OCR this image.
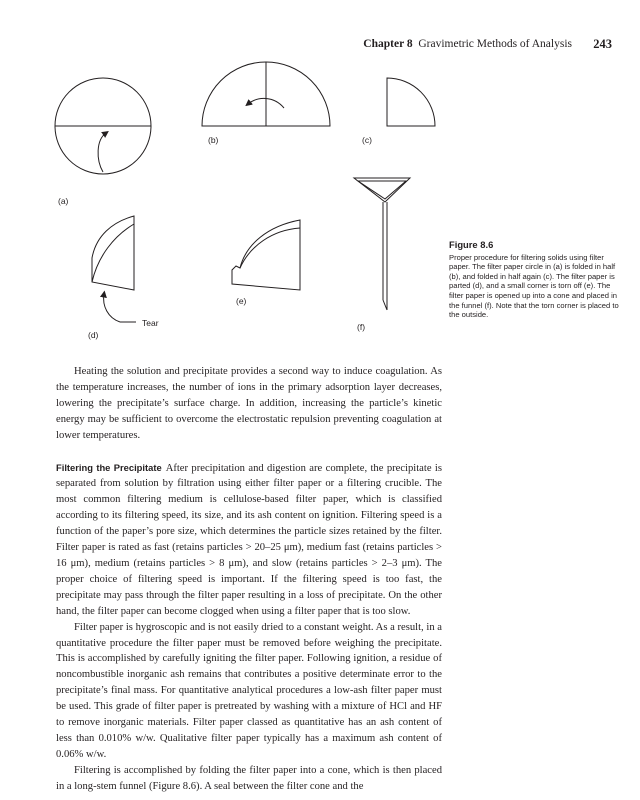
Chapter 8 Gravimetric Methods of Analysis 243
(a)
(b)	(c)
Tear
(d)
(e)
(f)
Figure 8.6
Proper procedure for filtering solids using filter paper. The filter paper circle in (a) is folded in half (b), and folded in half again (c). The filter paper is parted (d), and a small corner is torn off (e). The filter paper is opened up into a cone and placed in the funnel (f). Note that the torn corner is placed to the outside.

Heating the solution and precipitate provides a second way to induce coagulation. As the temperature increases, the number of ions in the primary adsorption layer decreases, lowering the precipitate’s surface charge. In addition, increasing the particle’s kinetic energy may be sufficient to overcome the electrostatic repulsion preventing coagulation at lower temperatures.

Filtering the Precipitate After precipitation and digestion are complete, the precipitate is separated from solution by filtration using either filter paper or a filtering crucible. The most common filtering medium is cellulose-based filter paper, which is classified according to its filtering speed, its size, and its ash content on ignition. Filtering speed is a function of the paper’s pore size, which determines the particle sizes retained by the filter. Filter paper is rated as fast (retains particles > 20–25 μm), medium fast (retains particles > 16 μm), medium (retains particles > 8 μm), and slow (retains particles > 2–3 μm). The proper choice of filtering speed is important. If the filtering speed is too fast, the precipitate may pass through the filter paper resulting in a loss of precipitate. On the other hand, the filter paper can become clogged when using a filter paper that is too slow.

Filter paper is hygroscopic and is not easily dried to a constant weight. As a result, in a quantitative procedure the filter paper must be removed before weighing the precipitate. This is accomplished by carefully igniting the filter paper. Following ignition, a residue of noncombustible inorganic ash remains that contributes a positive determinate error to the precipitate’s final mass. For quantitative analytical procedures a low-ash filter paper must be used. This grade of filter paper is pretreated by washing with a mixture of HCl and HF to remove inorganic materials. Filter paper classed as quantitative has an ash content of less than 0.010% w/w. Qualitative filter paper typically has a maximum ash content of 0.06% w/w.

Filtering is accomplished by folding the filter paper into a cone, which is then placed in a long-stem funnel (Figure 8.6). A seal between the filter cone and the
